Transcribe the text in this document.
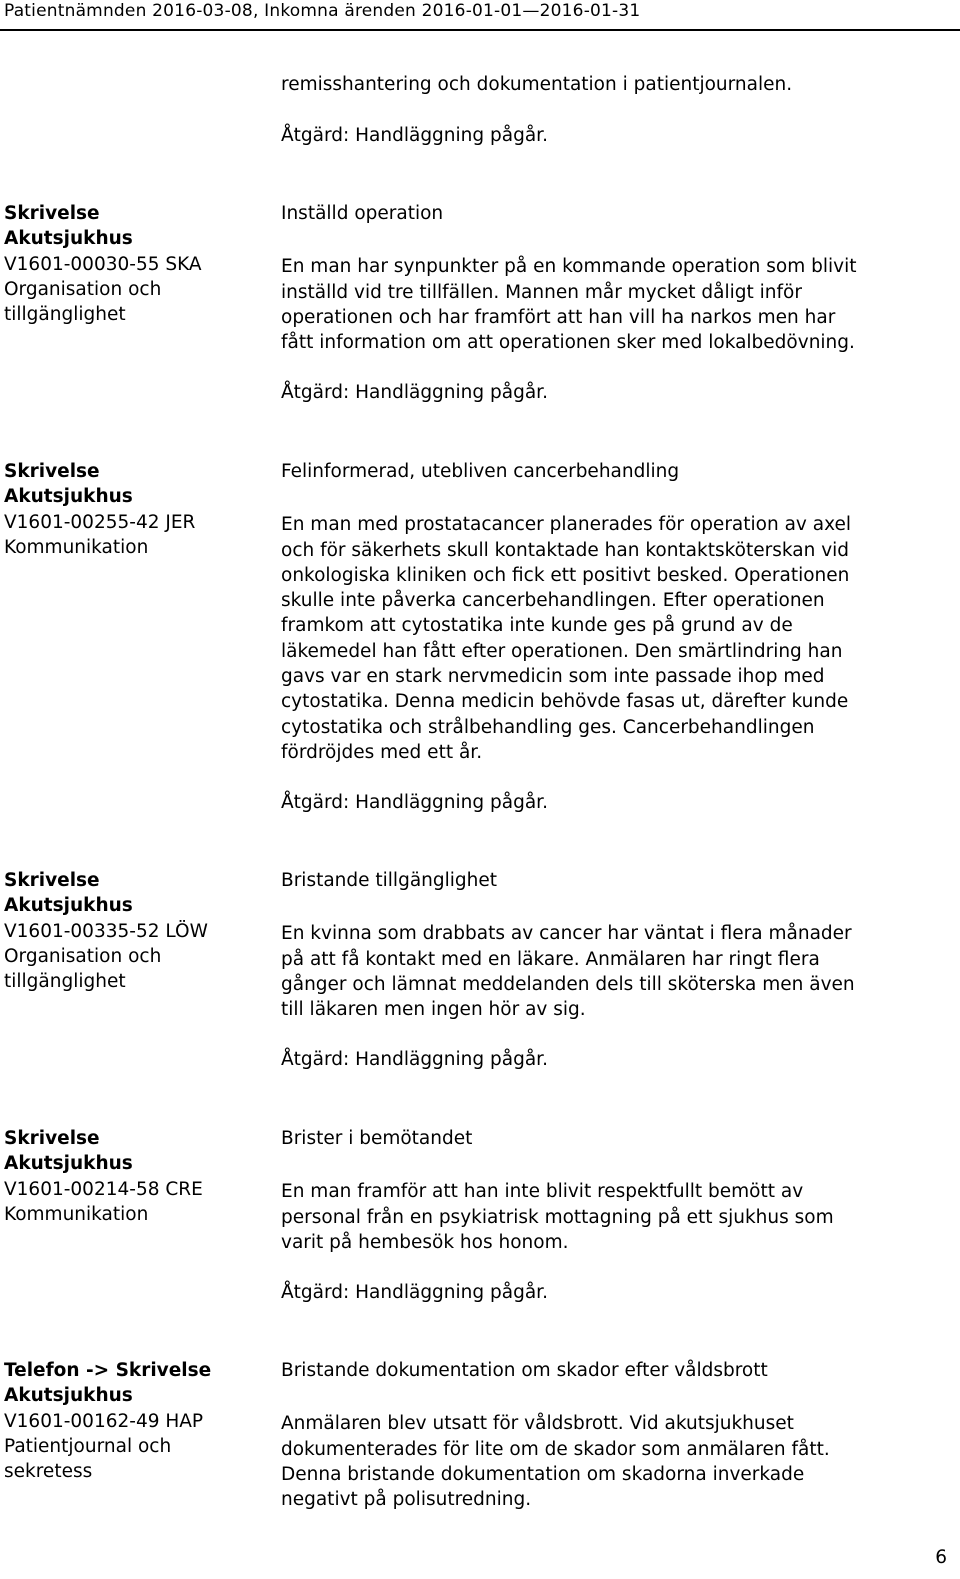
Patientnämnden 2016-03-08, Inkomna ärenden 2016-01-01—2016-01-31
remisshantering och dokumentation i patientjournalen.
Åtgärd: Handläggning pågår.
Skrivelse
Akutsjukhus
V1601-00030-55 SKA
Organisation och
tillgänglighet
Inställd operation
En man har synpunkter på en kommande operation som blivit
inställd vid tre tillfällen. Mannen mår mycket dåligt inför
operationen och har framfört att han vill ha narkos men har
fått information om att operationen sker med lokalbedövning.
Åtgärd: Handläggning pågår.
Skrivelse
Akutsjukhus
V1601-00255-42 JER
Kommunikation
Felinformerad, utebliven cancerbehandling
En man med prostatacancer planerades för operation av axel
och för säkerhets skull kontaktade han kontaktsköterskan vid
onkologiska kliniken och fick ett positivt besked. Operationen
skulle inte påverka cancerbehandlingen. Efter operationen
framkom att cytostatika inte kunde ges på grund av de
läkemedel han fått efter operationen. Den smärtlindring han
gavs var en stark nervmedicin som inte passade ihop med
cytostatika. Denna medicin behövde fasas ut, därefter kunde
cytostatika och strålbehandling ges. Cancerbehandlingen
fördröjdes med ett år.
Åtgärd: Handläggning pågår.
Skrivelse
Akutsjukhus
V1601-00335-52 LÖW
Organisation och
tillgänglighet
Bristande tillgänglighet
En kvinna som drabbats av cancer har väntat i flera månader
på att få kontakt med en läkare. Anmälaren har ringt flera
gånger och lämnat meddelanden dels till sköterska men även
till läkaren men ingen hör av sig.
Åtgärd: Handläggning pågår.
Skrivelse
Akutsjukhus
V1601-00214-58 CRE
Kommunikation
Brister i bemötandet
En man framför att han inte blivit respektfullt bemött av
personal från en psykiatrisk mottagning på ett sjukhus som
varit på hembesök hos honom.
Åtgärd: Handläggning pågår.
Telefon -> Skrivelse
Akutsjukhus
V1601-00162-49 HAP
Patientjournal och
sekretess
Bristande dokumentation om skador efter våldsbrott
Anmälaren blev utsatt för våldsbrott. Vid akutsjukhuset
dokumenterades för lite om de skador som anmälaren fått.
Denna bristande dokumentation om skadorna inverkade
negativt på polisutredning.
6
